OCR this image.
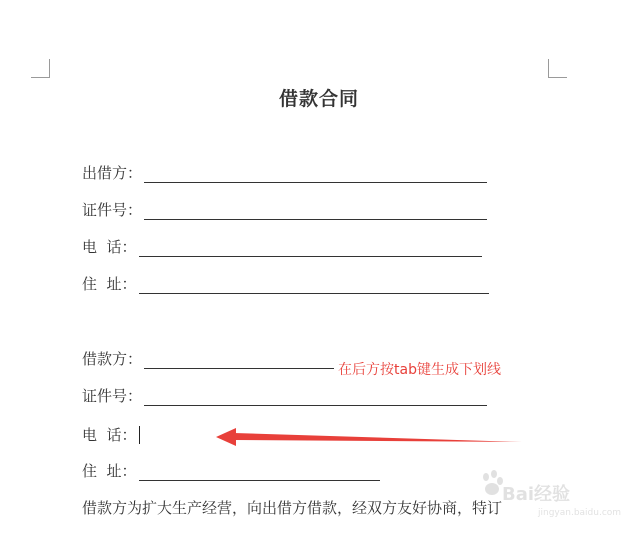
借款合同
出借方：
证件号：
电  话：
住  址：
借款方：
证件号：
电  话：
住  址：
在后方按tab键生成下划线
借款方为扩大生产经营，向出借方借款，经双方友好协商，特订
Bai经验
jingyan.baidu.com
